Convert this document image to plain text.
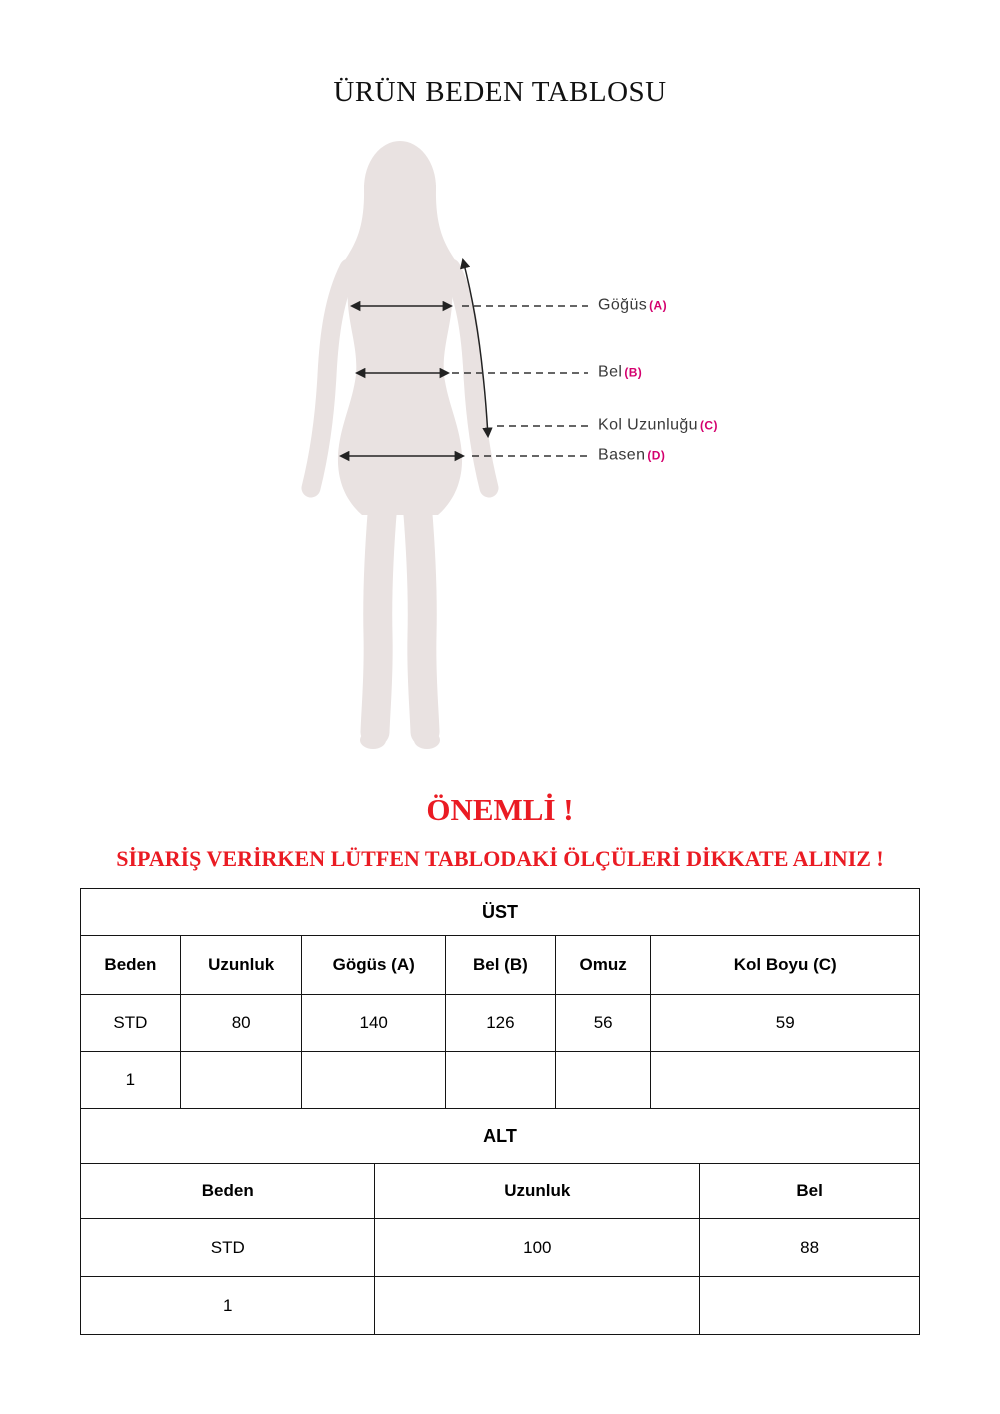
ÜRÜN BEDEN TABLOSU
Göğüs (A)
Bel (B)
Kol Uzunluğu (C)
Basen (D)
ÖNEMLİ !
SİPARİŞ VERİRKEN LÜTFEN TABLODAKİ ÖLÇÜLERİ DİKKATE ALINIZ !
ÜST					
Beden	Uzunluk	Gögüs (A)	Bel (B)	Omuz	Kol Boyu (C)
STD	80	140	126	56	59
1					
ALT		
Beden	Uzunluk	Bel
STD	100	88
1		
